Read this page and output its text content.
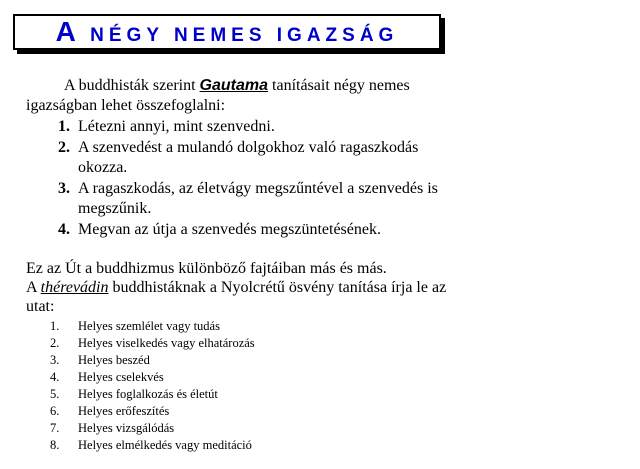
A NÉGY NEMES IGAZSÁG
A buddhisták szerint Gautama tanításait négy nemes igazságban lehet összefoglalni:
1. Létezni annyi, mint szenvedni.
2. A szenvedést a mulandó dolgokhoz való ragaszkodás okozza.
3. A ragaszkodás, az életvágy megszűntével a szenvedés is megszűnik.
4. Megvan az útja a szenvedés megszüntetésének.
Ez az Út a buddhizmus különböző fajtáiban más és más.
A thérevádin buddhistáknak a Nyolcrétű ösvény tanítása írja le az utat:
1.	Helyes szemlélet vagy tudás
2.	Helyes viselkedés vagy elhatározás
3.	Helyes beszéd
4.	Helyes cselekvés
5.	Helyes foglalkozás és életút
6.	Helyes erőfeszítés
7.	Helyes vizsgálódás
8.	Helyes elmélkedés vagy meditáció
